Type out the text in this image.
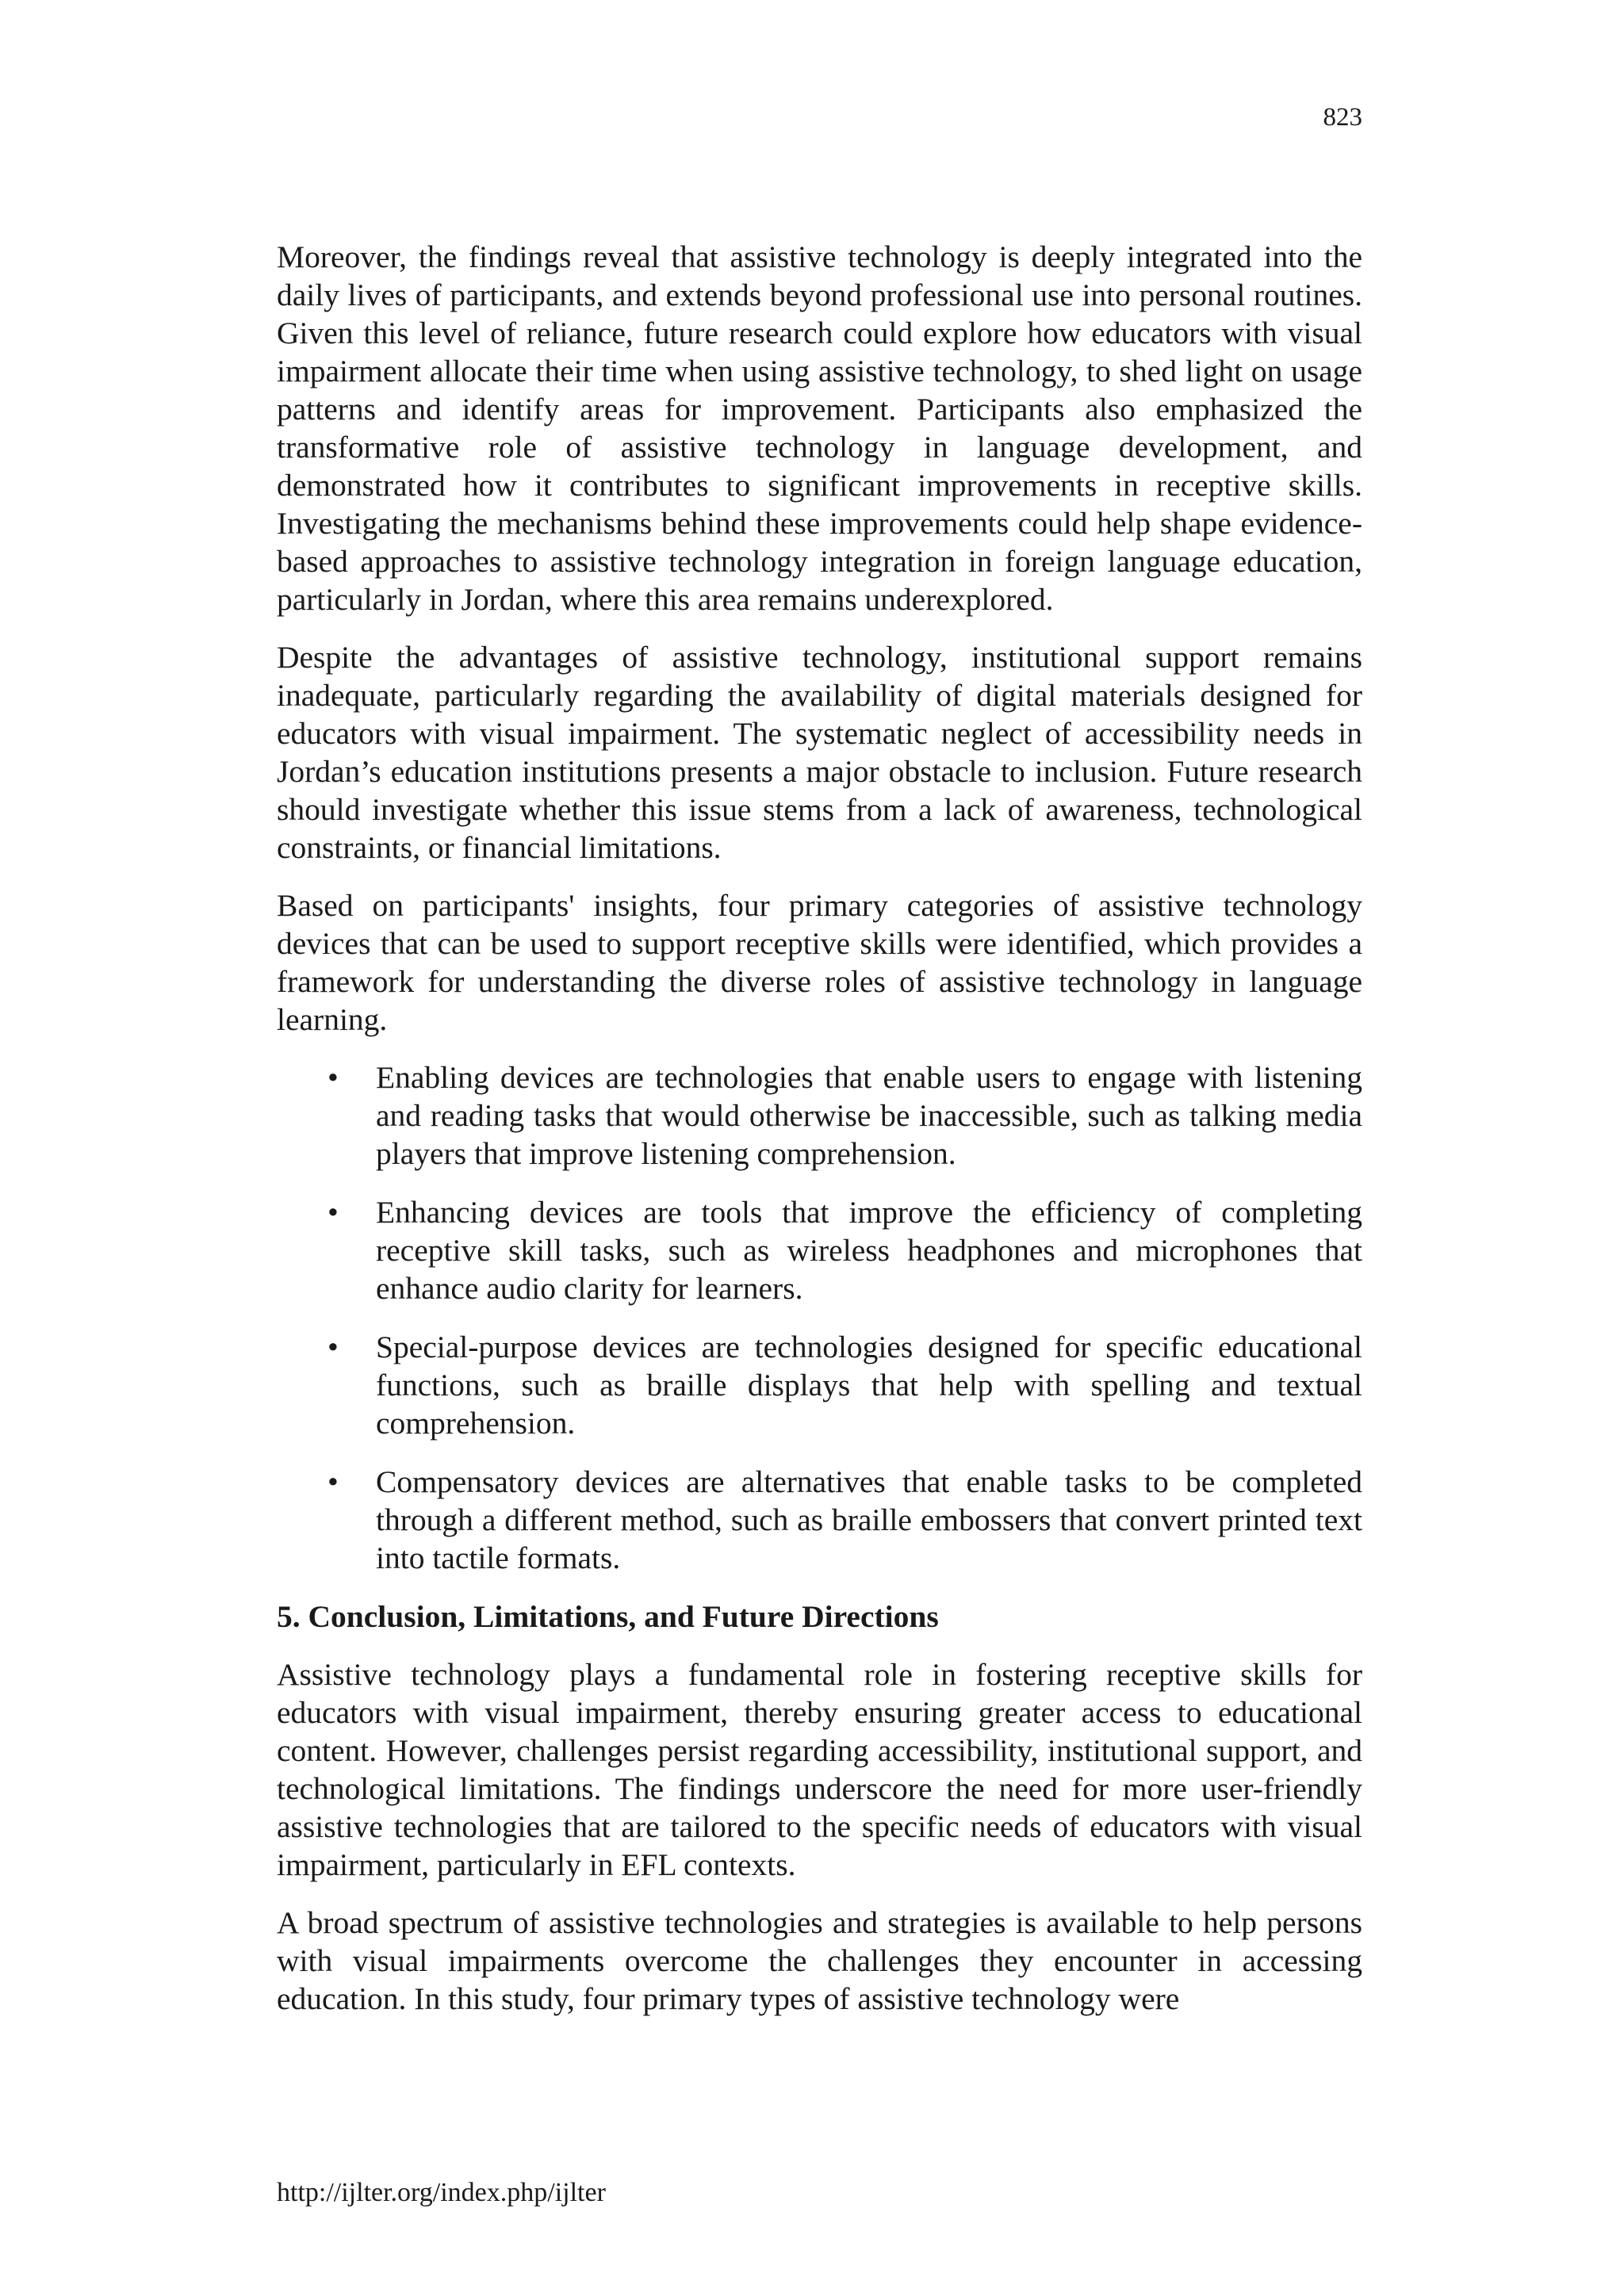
823

Moreover, the findings reveal that assistive technology is deeply integrated into the daily lives of participants, and extends beyond professional use into personal routines. Given this level of reliance, future research could explore how educators with visual impairment allocate their time when using assistive technology, to shed light on usage patterns and identify areas for improvement. Participants also emphasized the transformative role of assistive technology in language development, and demonstrated how it contributes to significant improvements in receptive skills. Investigating the mechanisms behind these improvements could help shape evidence-based approaches to assistive technology integration in foreign language education, particularly in Jordan, where this area remains underexplored.

Despite the advantages of assistive technology, institutional support remains inadequate, particularly regarding the availability of digital materials designed for educators with visual impairment. The systematic neglect of accessibility needs in Jordan’s education institutions presents a major obstacle to inclusion. Future research should investigate whether this issue stems from a lack of awareness, technological constraints, or financial limitations.

Based on participants' insights, four primary categories of assistive technology devices that can be used to support receptive skills were identified, which provides a framework for understanding the diverse roles of assistive technology in language learning.

• Enabling devices are technologies that enable users to engage with listening and reading tasks that would otherwise be inaccessible, such as talking media players that improve listening comprehension.
• Enhancing devices are tools that improve the efficiency of completing receptive skill tasks, such as wireless headphones and microphones that enhance audio clarity for learners.
• Special-purpose devices are technologies designed for specific educational functions, such as braille displays that help with spelling and textual comprehension.
• Compensatory devices are alternatives that enable tasks to be completed through a different method, such as braille embossers that convert printed text into tactile formats.

5. Conclusion, Limitations, and Future Directions

Assistive technology plays a fundamental role in fostering receptive skills for educators with visual impairment, thereby ensuring greater access to educational content. However, challenges persist regarding accessibility, institutional support, and technological limitations. The findings underscore the need for more user-friendly assistive technologies that are tailored to the specific needs of educators with visual impairment, particularly in EFL contexts.

A broad spectrum of assistive technologies and strategies is available to help persons with visual impairments overcome the challenges they encounter in accessing education. In this study, four primary types of assistive technology were

http://ijlter.org/index.php/ijlter
